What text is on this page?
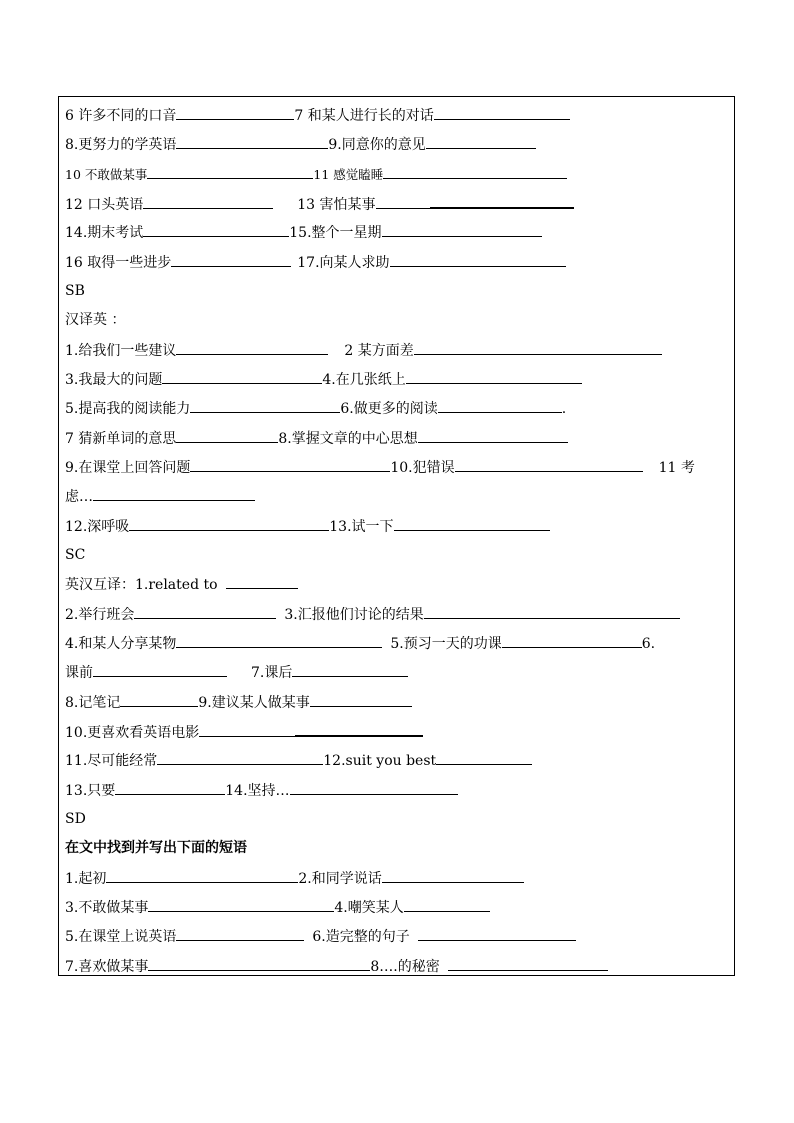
6 许多不同的口音	7 和某人进行长的对话
8.更努力的学英语	9.同意你的意见
10 不敢做某事	11 感觉瞌睡
12 口头英语	13 害怕某事
14.期末考试	15.整个一星期
16 取得一些进步	17.向某人求助
SB
汉译英 ：
1.给我们一些建议	2 某方面差
3.我最大的问题	4.在几张纸上
5.提高我的阅读能力	6.做更多的阅读	.
7 猜新单词的意思	8.掌握文章的中心思想
9.在课堂上回答问题	10.犯错误	11 考
虑…
12.深呼吸	13.试一下
SC
英汉互译：1.related to
2.举行班会	3.汇报他们讨论的结果
4.和某人分享某物	5.预习一天的功课	6.
课前	7.课后
8.记笔记	9.建议某人做某事
10.更喜欢看英语电影
11.尽可能经常	12.suit you best
13.只要	14.坚持…
SD
在文中找到并写出下面的短语
1.起初	2.和同学说话
3.不敢做某事	4.嘲笑某人
5.在课堂上说英语	6.造完整的句子
7.喜欢做某事	8….的秘密
